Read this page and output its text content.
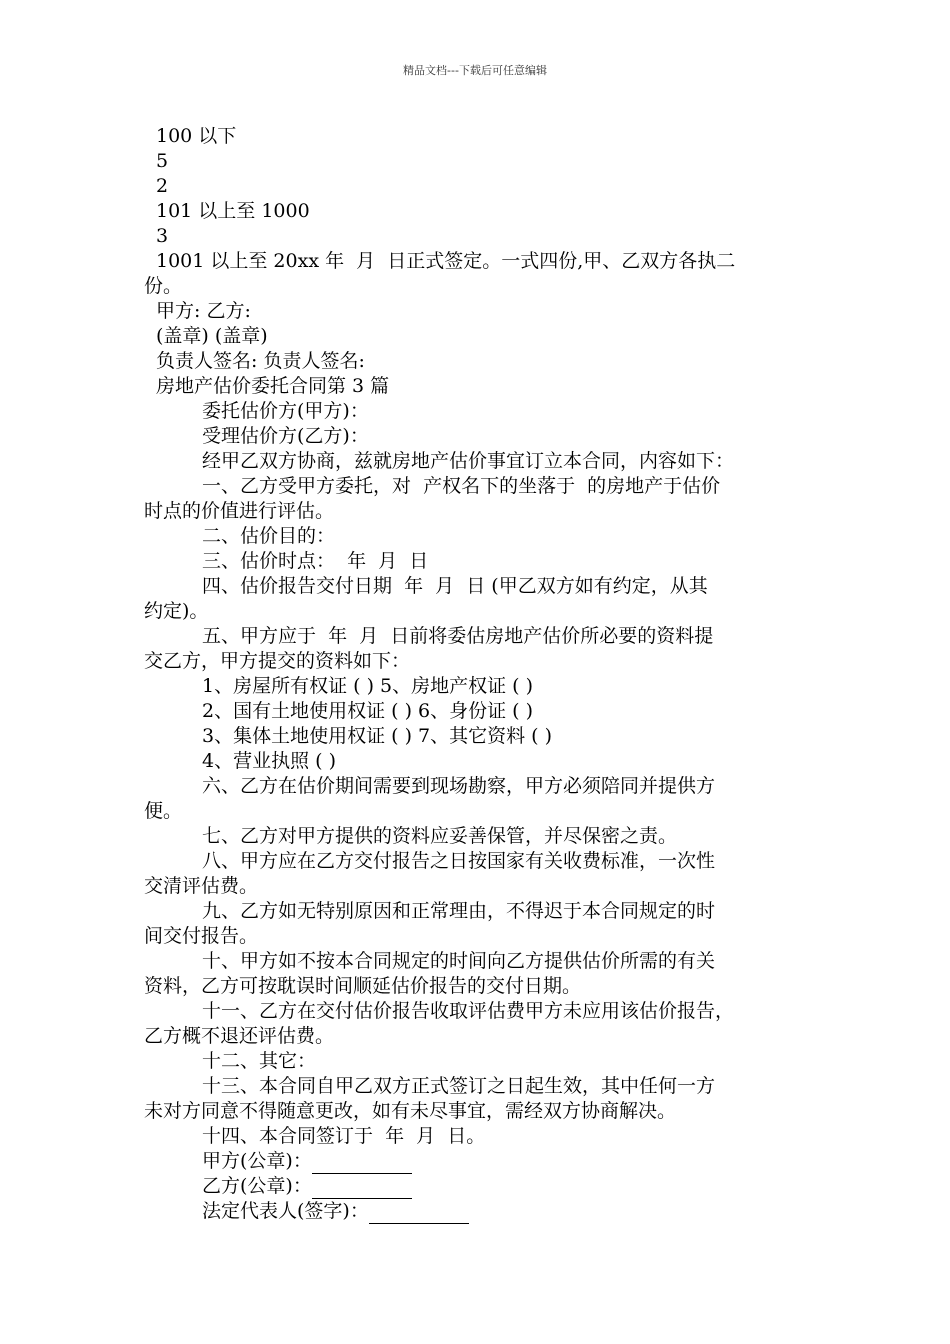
精品文档---下载后可任意编辑

100 以下

5

2

101 以上至 1000

3

1001 以上至 20xx 年  月  日正式签定。一式四份,甲、乙双方各执二

份。

甲方: 乙方:

(盖章) (盖章)

负责人签名: 负责人签名:

房地产估价委托合同第 3 篇

委托估价方(甲方)：

受理估价方(乙方)：

经甲乙双方协商，兹就房地产估价事宜订立本合同，内容如下：

一、乙方受甲方委托，对  产权名下的坐落于  的房地产于估价

时点的价值进行评估。

二、估价目的：

三、估价时点：  年  月  日

四、估价报告交付日期  年  月  日 (甲乙双方如有约定，从其

约定)。

五、甲方应于  年  月  日前将委估房地产估价所必要的资料提

交乙方，甲方提交的资料如下：

1、房屋所有权证 ( ) 5、房地产权证 ( )

2、国有土地使用权证 ( ) 6、身份证 ( )

3、集体土地使用权证 ( ) 7、其它资料 ( )

4、营业执照 ( )

六、乙方在估价期间需要到现场勘察，甲方必须陪同并提供方

便。

七、乙方对甲方提供的资料应妥善保管，并尽保密之责。

八、甲方应在乙方交付报告之日按国家有关收费标准，一次性

交清评估费。

九、乙方如无特别原因和正常理由，不得迟于本合同规定的时

间交付报告。

十、甲方如不按本合同规定的时间向乙方提供估价所需的有关

资料，乙方可按耽误时间顺延估价报告的交付日期。

十一、乙方在交付估价报告收取评估费甲方未应用该估价报告，

乙方概不退还评估费。

十二、其它：

十三、本合同自甲乙双方正式签订之日起生效，其中任何一方

未对方同意不得随意更改，如有未尽事宜，需经双方协商解决。

十四、本合同签订于  年  月  日。

甲方(公章)：

乙方(公章)：

法定代表人(签字)：
